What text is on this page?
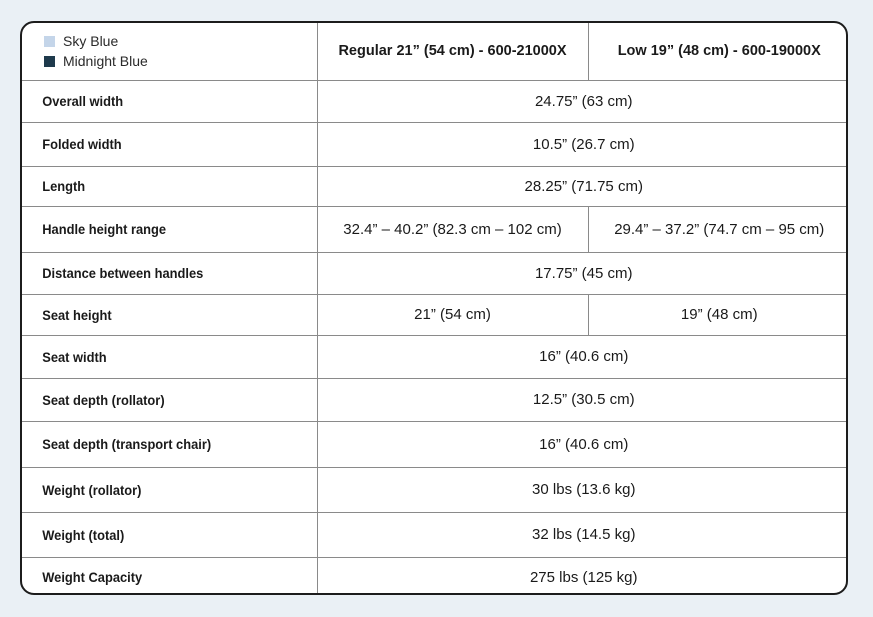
Sky Blue
Midnight Blue	Regular 21” (54 cm) - 600-21000X	Low 19” (48 cm) - 600-19000X
Overall width	24.75” (63 cm)	
Folded width	10.5” (26.7 cm)	
Length	28.25” (71.75 cm)	
Handle height range	32.4” – 40.2” (82.3 cm – 102 cm)	29.4” – 37.2” (74.7 cm – 95 cm)
Distance between handles	17.75” (45 cm)	
Seat height	21” (54 cm)	19” (48 cm)
Seat width	16” (40.6 cm)	
Seat depth (rollator)	12.5” (30.5 cm)	
Seat depth (transport chair)	16” (40.6 cm)	
Weight (rollator)	30 lbs (13.6 kg)	
Weight (total)	32 lbs (14.5 kg)	
Weight Capacity	275 lbs (125 kg)	
